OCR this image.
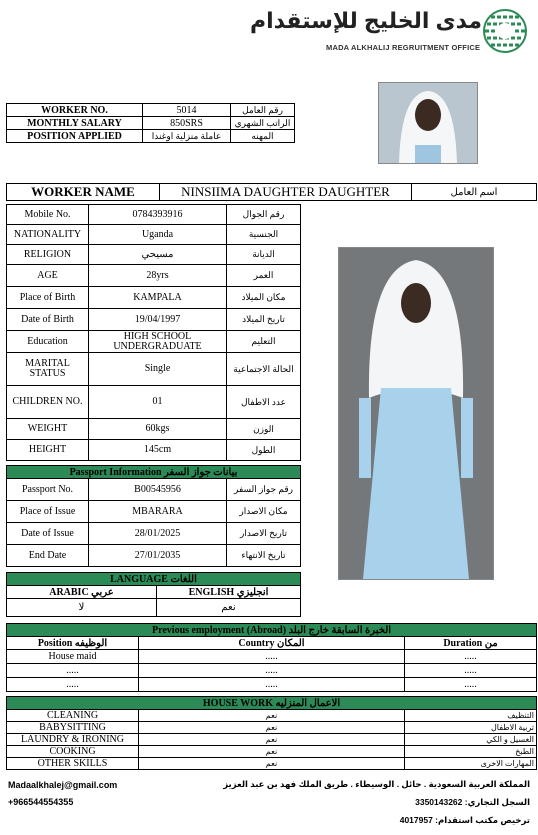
مدى الخليج للإستقدام
MADA ALKHALIJ REGRUITMENT OFFICE
WORKER NO.	5014	رقم العامل
MONTHLY SALARY	850SRS	الراتب الشهري
POSITION APPLIED	عاملة منزلية اوغندا	المهنه
WORKER NAME	NINSIIMA DAUGHTER DAUGHTER	اسم العامل
Mobile No.	0784393916	رقم الجوال
NATIONALITY	Uganda	الجنسية
RELIGION	مسيحي	الديانة
AGE	28yrs	العمر
Place of Birth	KAMPALA	مكان الميلاد
Date of Birth	19/04/1997	تاريخ الميلاد
Education	HIGH SCHOOL UNDERGRADUATE	التعليم
MARITAL STATUS	Single	الحالة الاجتماعية
CHILDREN NO.	01	عدد الاطفال
WEIGHT	60kgs	الوزن
HEIGHT	145cm	الطول
Passport Information بيانات جواز السفر		
Passport No.	B00545956	رقم جواز السفر
Place of Issue	MBARARA	مكان الاصدار
Date of Issue	28/01/2025	تاريخ الاصدار
End Date	27/01/2035	تاريخ الانتهاء
LANGUAGE اللغات	
ARABIC عربي	ENGLISH انجليزي
لا	نعم
Previous employment (Abroad) الخبرة السابقة خارج البلد		
Position الوظيفه	Country المكان	Duration من
House maid	.....	.....
.....	.....	.....
.....	.....	.....
HOUSE WORK الاعمال المنزليه		
CLEANING	نعم	التنظيف
BABYSITTING	نعم	تربية الاطفال
LAUNDRY & IRONING	نعم	الغسيل و الكي
COOKING	نعم	الطبخ
OTHER SKILLS	نعم	المهارات الاخرى
Madaalkhalej@gmail.com
+966544554355
المملكة العربية السعودية . حائل . الوسيطاء . طريق الملك فهد بن عبد العزيز
السجل التجاري: 3350143262
ترخيص مكتب استقدام: 4017957
